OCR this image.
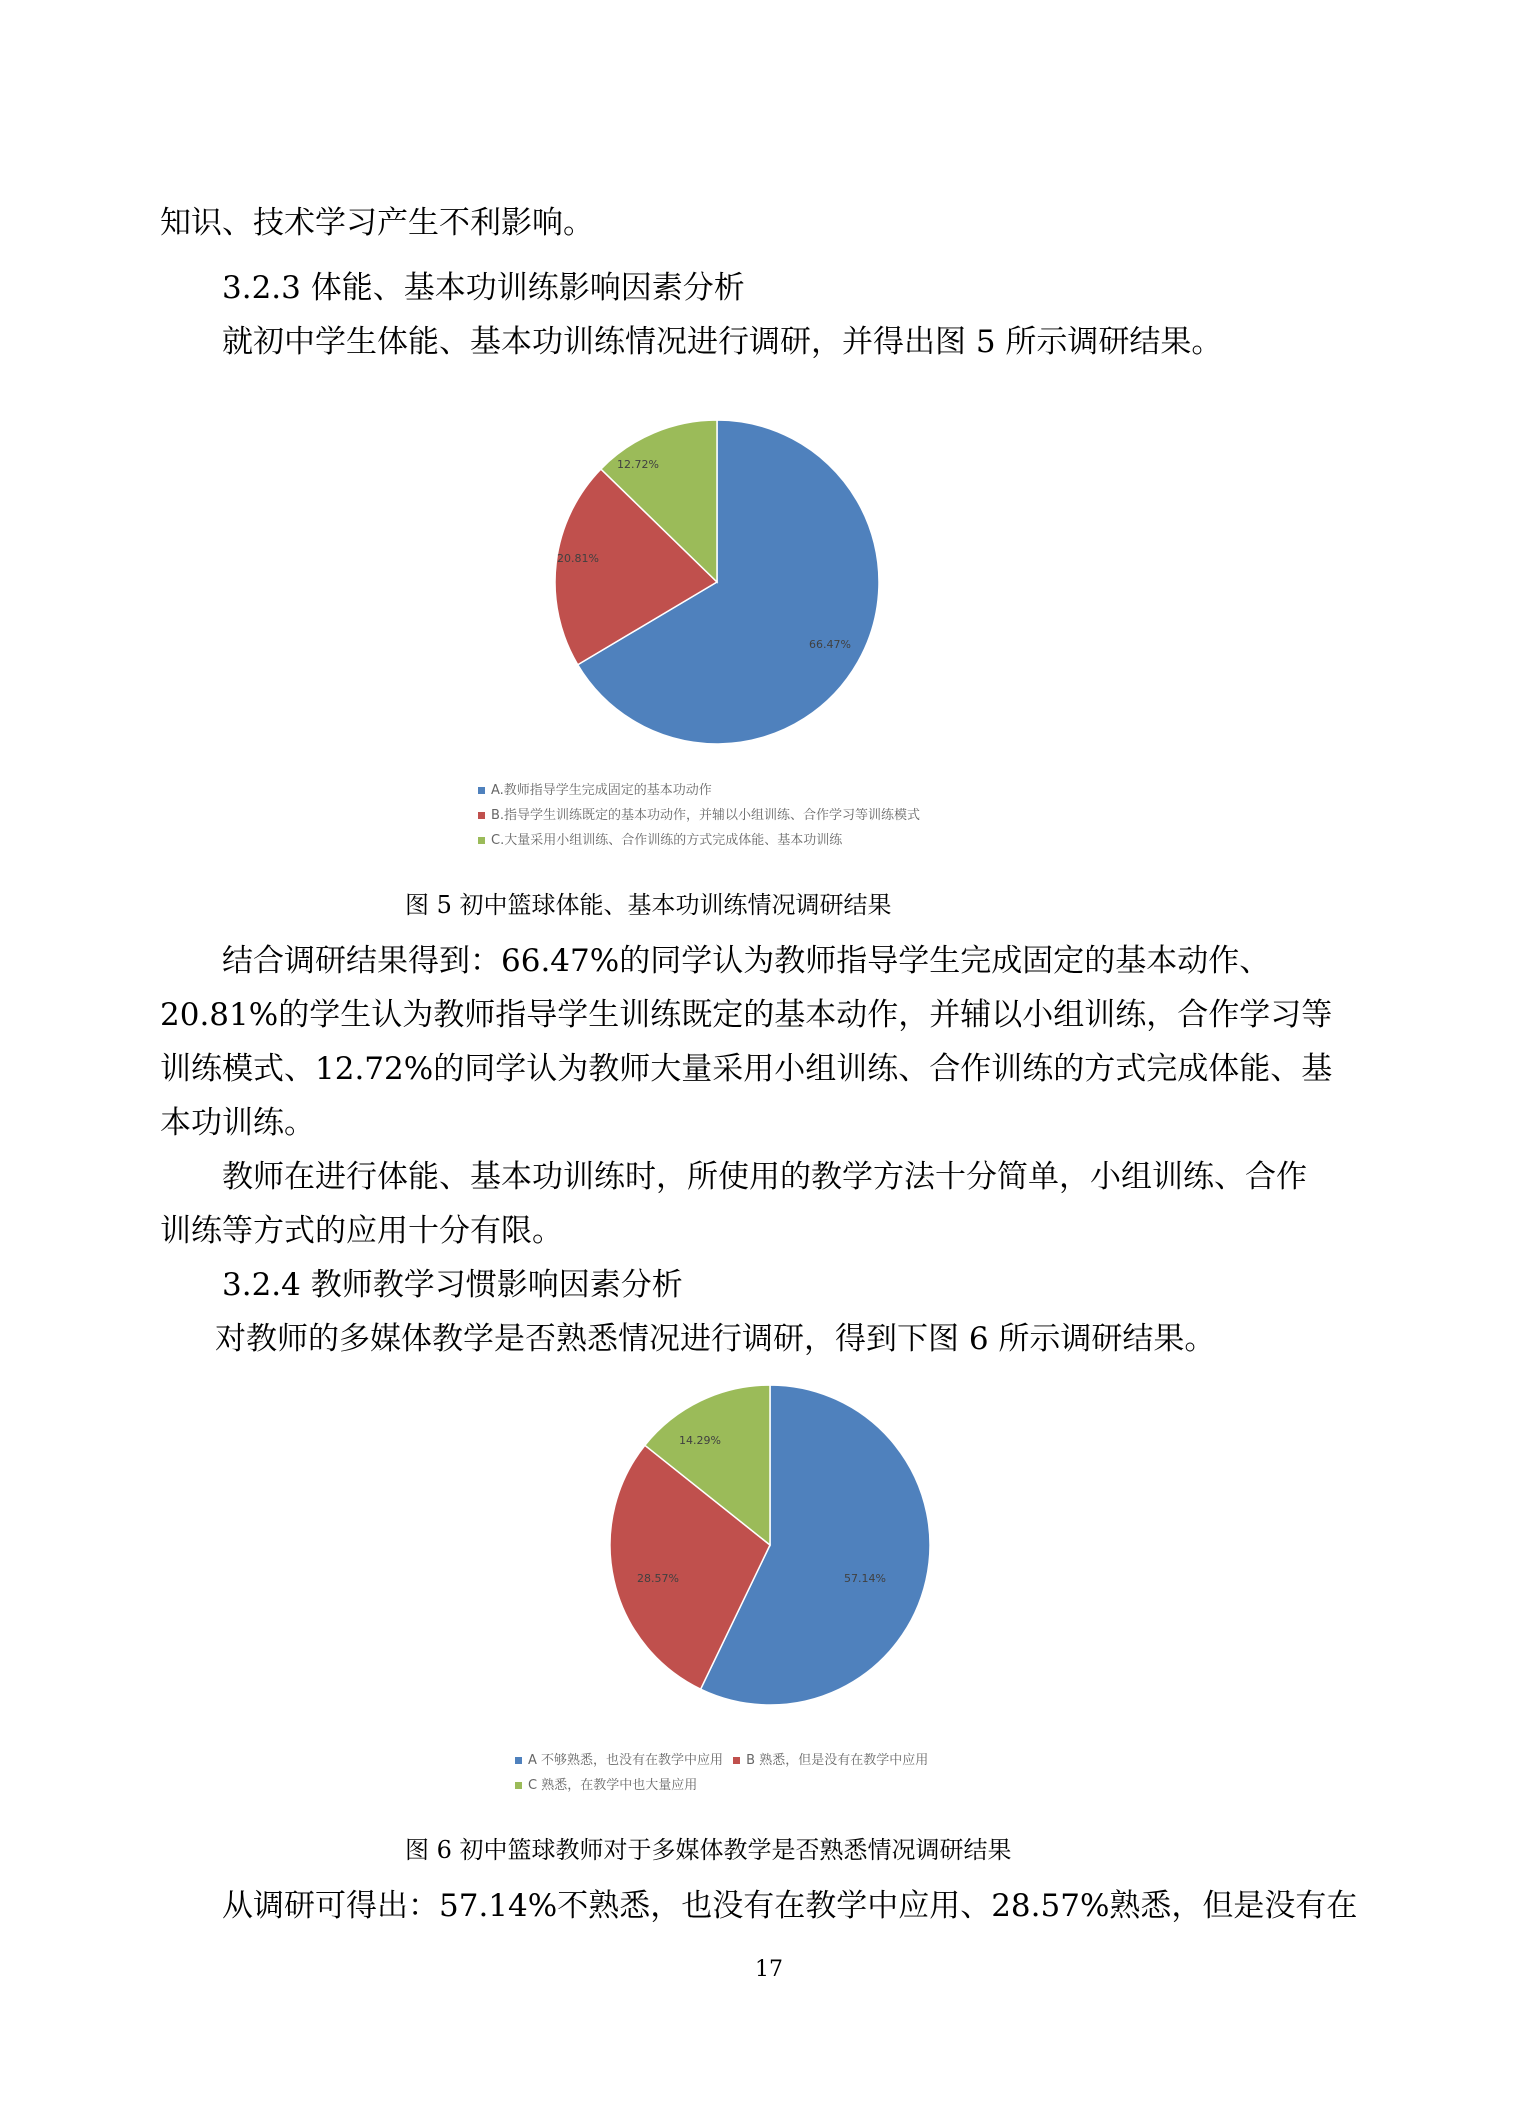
知识、技术学习产生不利影响。
3.2.3 体能、基本功训练影响因素分析
就初中学生体能、基本功训练情况进行调研，并得出图 5 所示调研结果。
66.47%
20.81%
12.72%
A.教师指导学生完成固定的基本功动作
B.指导学生训练既定的基本功动作，并辅以小组训练、合作学习等训练模式
C.大量采用小组训练、合作训练的方式完成体能、基本功训练
图 5 初中篮球体能、基本功训练情况调研结果
结合调研结果得到：66.47%的同学认为教师指导学生完成固定的基本动作、
20.81%的学生认为教师指导学生训练既定的基本动作，并辅以小组训练，合作学习等
训练模式、12.72%的同学认为教师大量采用小组训练、合作训练的方式完成体能、基
本功训练。
教师在进行体能、基本功训练时，所使用的教学方法十分简单，小组训练、合作
训练等方式的应用十分有限。
3.2.4 教师教学习惯影响因素分析
对教师的多媒体教学是否熟悉情况进行调研，得到下图 6 所示调研结果。
57.14%
28.57%
14.29%
A 不够熟悉，也没有在教学中应用 B 熟悉，但是没有在教学中应用
C 熟悉，在教学中也大量应用
图 6 初中篮球教师对于多媒体教学是否熟悉情况调研结果
从调研可得出：57.14%不熟悉，也没有在教学中应用、28.57%熟悉，但是没有在
17
